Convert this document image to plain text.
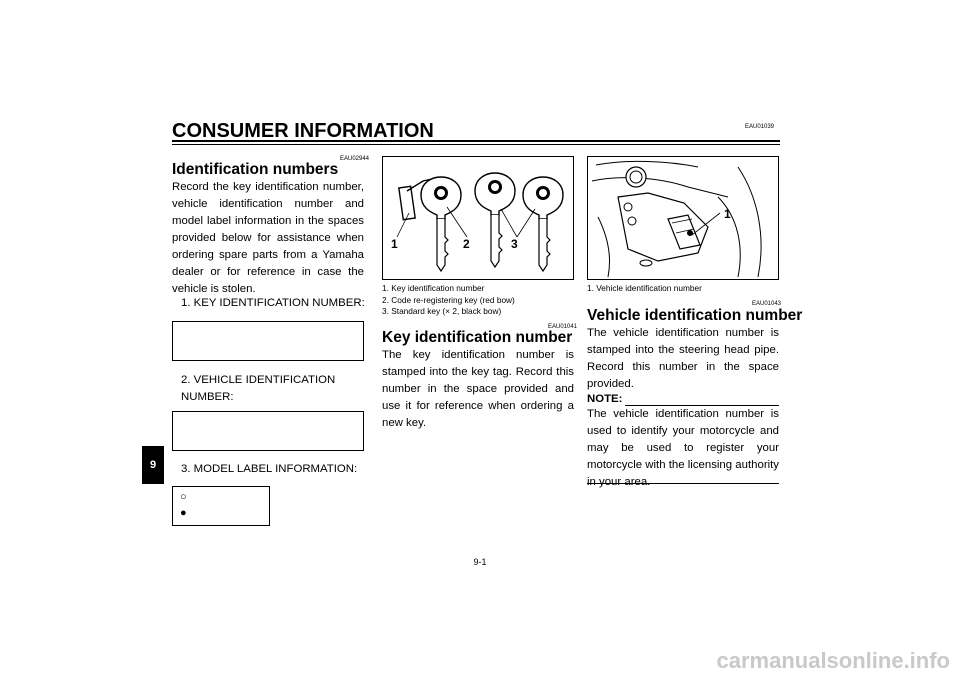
CONSUMER INFORMATION	EAU01039
9
EAU02944
Identification numbers
Record the key identification number, vehicle identification number and model label information in the spaces provided below for assistance when ordering spare parts from a Yamaha dealer or for reference in case the vehicle is stolen.
1. KEY IDENTIFICATION NUMBER:
2. VEHICLE IDENTIFICATION NUMBER:
3. MODEL LABEL INFORMATION:
○
●
1	2	3
1. Key identification number
2. Code re-registering key (red bow)
3. Standard key (× 2, black bow)
EAU01041
Key identification number
The key identification number is stamped into the key tag. Record this number in the space provided and use it for reference when ordering a new key.
1
1. Vehicle identification number
EAU01043
Vehicle identification number
The vehicle identification number is stamped into the steering head pipe. Record this number in the space provided.
NOTE:
The vehicle identification number is used to identify your motorcycle and may be used to register your motorcycle with the licensing authority in your area.
9-1
carmanualsonline.info
